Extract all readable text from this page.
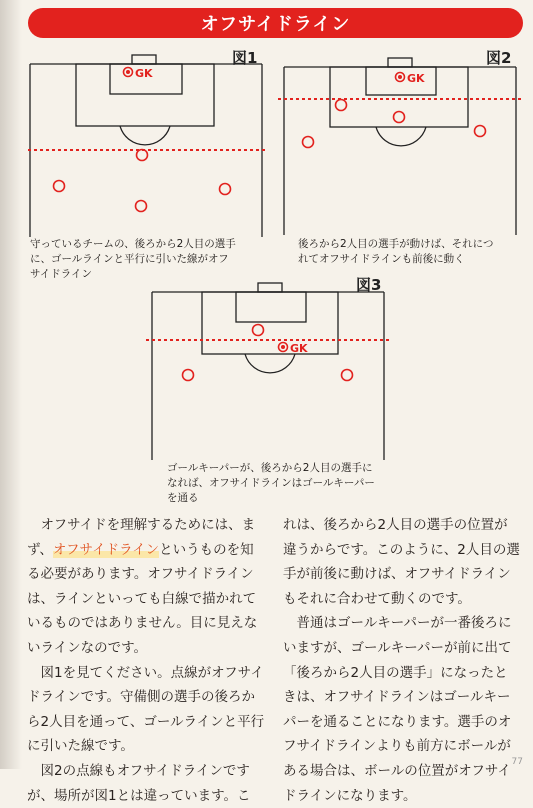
オフサイドライン
GK
図1
守っているチームの、後ろから2人目の選手
に、ゴールラインと平行に引いた線がオフ
サイドライン
GK
図2
後ろから2人目の選手が動けば、それにつ
れてオフサイドラインも前後に動く
GK
図3
ゴールキーパーが、後ろから2人目の選手に
なれば、オフサイドラインはゴールキーパー
を通る

オフサイドを理解するためには、まず、オフサイドラインというものを知る必要があります。オフサイドラインは、ラインといっても白線で描かれているものではありません。目に見えないラインなのです。

図1を見てください。点線がオフサイドラインです。守備側の選手の後ろから2人目を通って、ゴールラインと平行に引いた線です。

図2の点線もオフサイドラインですが、場所が図1とは違っています。こ

れは、後ろから2人目の選手の位置が違うからです。このように、2人目の選手が前後に動けば、オフサイドラインもそれに合わせて動くのです。

普通はゴールキーパーが一番後ろにいますが、ゴールキーパーが前に出て「後ろから2人目の選手」になったときは、オフサイドラインはゴールキーパーを通ることになります。選手のオフサイドラインよりも前方にボールがある場合は、ボールの位置がオフサイドラインになります。

77
